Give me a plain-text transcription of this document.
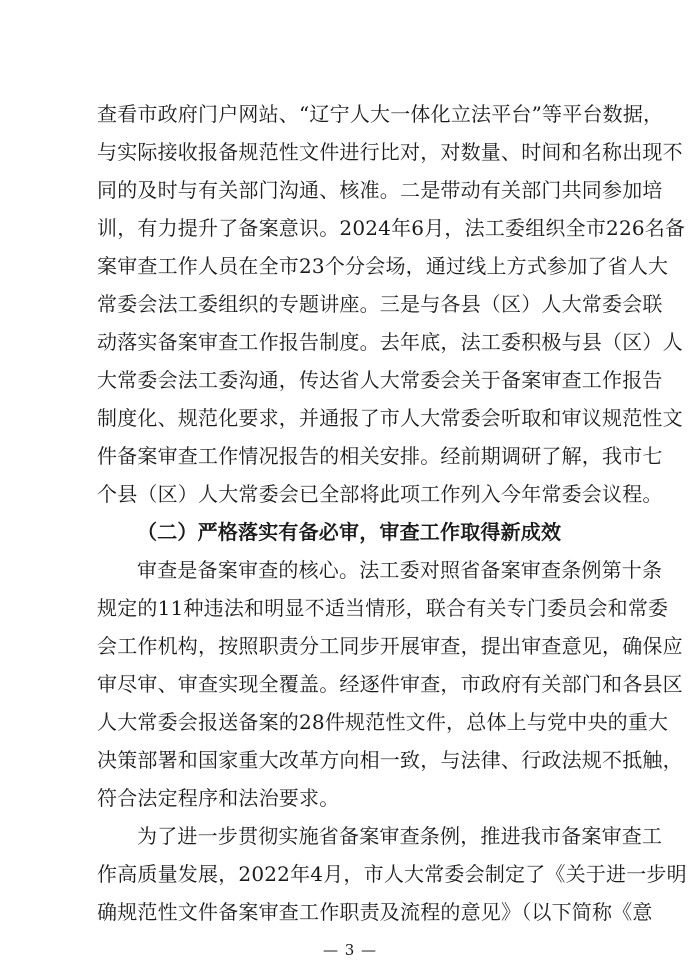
查看市政府门户网站、“辽宁人大一体化立法平台”等平台数据，
与实际接收报备规范性文件进行比对，对数量、时间和名称出现不
同的及时与有关部门沟通、核准。二是带动有关部门共同参加培
训，有力提升了备案意识。2024年6月，法工委组织全市226名备
案审查工作人员在全市23个分会场，通过线上方式参加了省人大
常委会法工委组织的专题讲座。三是与各县（区）人大常委会联
动落实备案审查工作报告制度。去年底，法工委积极与县（区）人
大常委会法工委沟通，传达省人大常委会关于备案审查工作报告
制度化、规范化要求，并通报了市人大常委会听取和审议规范性文
件备案审查工作情况报告的相关安排。经前期调研了解，我市七
个县（区）人大常委会已全部将此项工作列入今年常委会议程。
（二）严格落实有备必审，审查工作取得新成效
审查是备案审查的核心。法工委对照省备案审查条例第十条
规定的11种违法和明显不适当情形，联合有关专门委员会和常委
会工作机构，按照职责分工同步开展审查，提出审查意见，确保应
审尽审、审查实现全覆盖。经逐件审查，市政府有关部门和各县区
人大常委会报送备案的28件规范性文件，总体上与党中央的重大
决策部署和国家重大改革方向相一致，与法律、行政法规不抵触，
符合法定程序和法治要求。
为了进一步贯彻实施省备案审查条例，推进我市备案审查工
作高质量发展，2022年4月，市人大常委会制定了《关于进一步明
确规范性文件备案审查工作职责及流程的意见》（以下简称《意
— 3 —
